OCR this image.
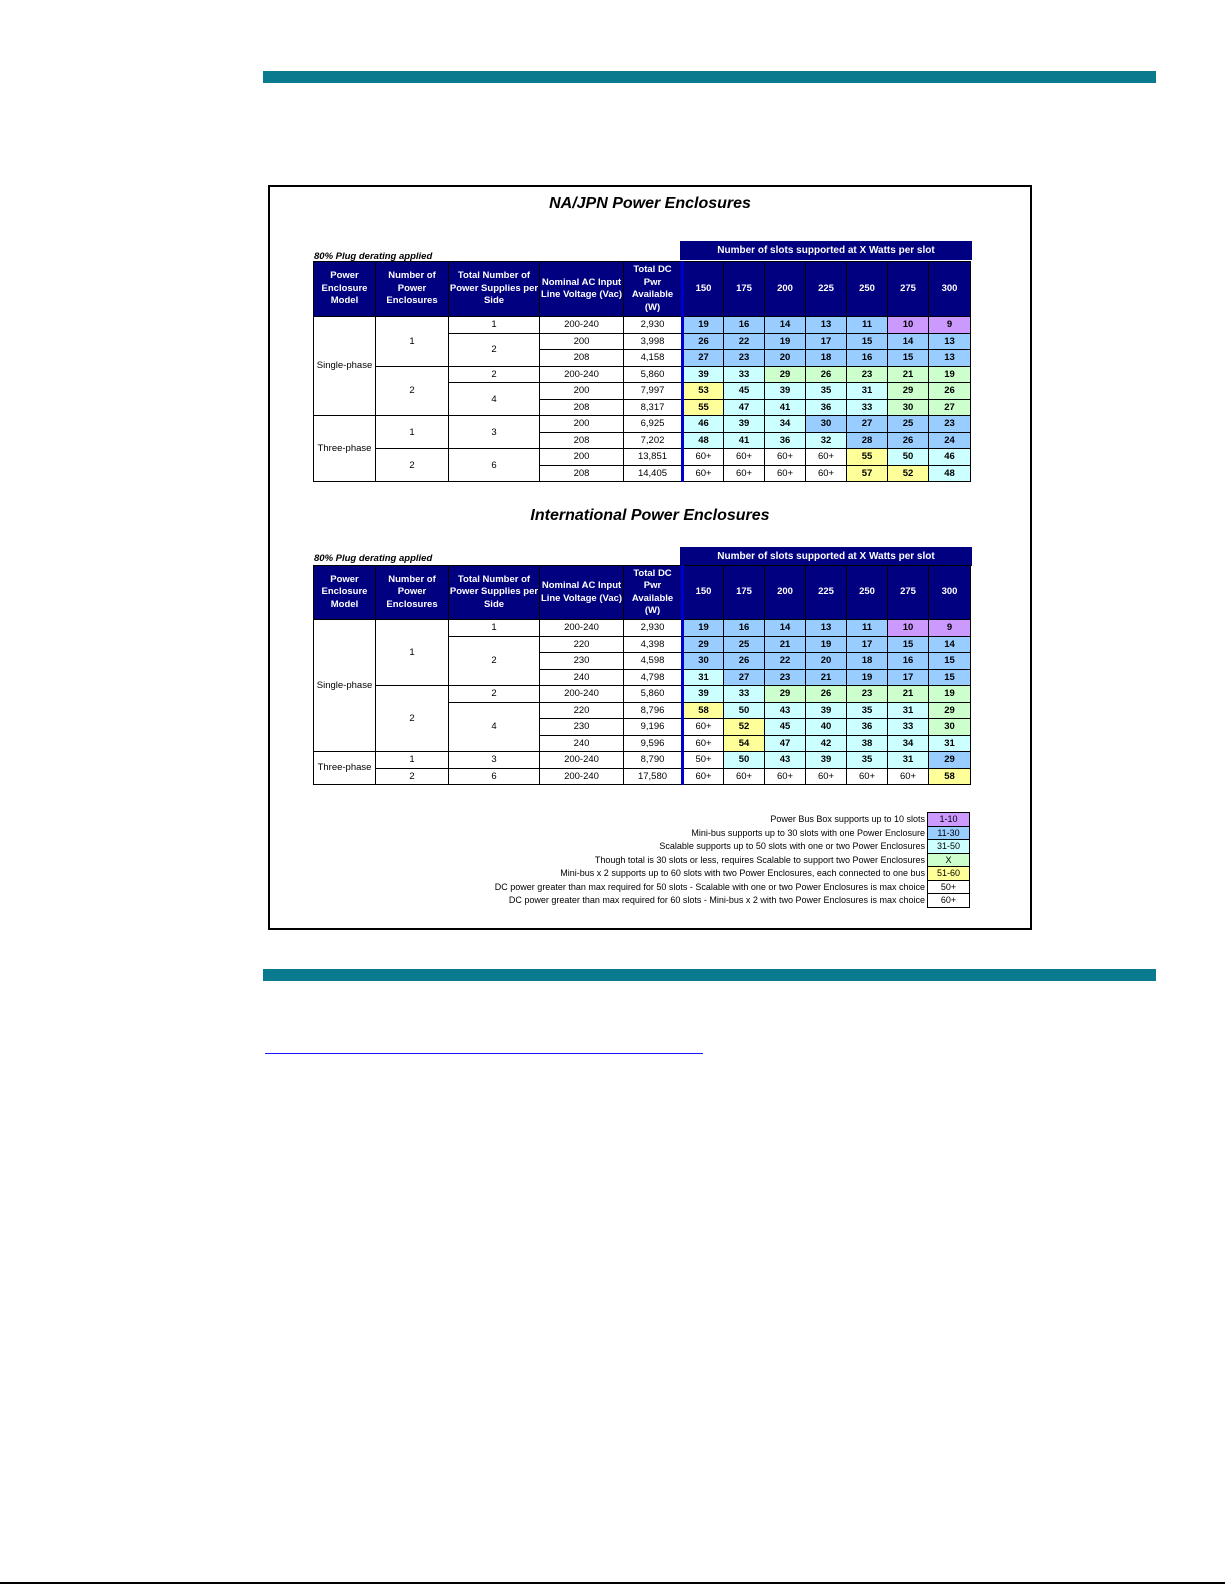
NA/JPN Power Enclosures
80% Plug derating applied
Number of slots supported at X Watts per slot
Power Enclosure Model	Number of Power Enclosures	Total Number of Power Supplies per Side	Nominal AC Input Line Voltage (Vac)	Total DC Pwr Available (W)	150	175	200	225	250	275	300
Single-phase	1	1	200-240	2,930	19	16	14	13	11	10	9
		2	200	3,998	26	22	19	17	15	14	13
			208	4,158	27	23	20	18	16	15	13
	2	2	200-240	5,860	39	33	29	26	23	21	19
		4	200	7,997	53	45	39	35	31	29	26
			208	8,317	55	47	41	36	33	30	27
Three-phase	1	3	200	6,925	46	39	34	30	27	25	23
			208	7,202	48	41	36	32	28	26	24
	2	6	200	13,851	60+	60+	60+	60+	55	50	46
			208	14,405	60+	60+	60+	60+	57	52	48
International Power Enclosures
80% Plug derating applied	Number of slots supported at X Watts per slot
Power Enclosure Model	Number of Power Enclosures	Total Number of Power Supplies per Side	Nominal AC Input Line Voltage (Vac)	Total DC Pwr Available (W)	150	175	200	225	250	275	300
Single-phase	1	1	200-240	2,930	19	16	14	13	11	10	9
		2	220	4,398	29	25	21	19	17	15	14
			230	4,598	30	26	22	20	18	16	15
			240	4,798	31	27	23	21	19	17	15
	2	2	200-240	5,860	39	33	29	26	23	21	19
		4	220	8,796	58	50	43	39	35	31	29
			230	9,196	60+	52	45	40	36	33	30
			240	9,596	60+	54	47	42	38	34	31
Three-phase	1	3	200-240	8,790	50+	50	43	39	35	31	29
	2	6	200-240	17,580	60+	60+	60+	60+	60+	60+	58
Power Bus Box supports up to 10 slots	1-10
Mini-bus supports up to 30 slots with one Power Enclosure	11-30
Scalable supports up to 50 slots with one or two Power Enclosures	31-50
Though total is 30 slots or less, requires Scalable to support two Power Enclosures	X
Mini-bus x 2 supports up to 60 slots with two Power Enclosures, each connected to one bus	51-60
DC power greater than max required for 50 slots - Scalable with one or two Power Enclosures is max choice	50+
DC power greater than max required for 60 slots - Mini-bus x 2 with two Power Enclosures is max choice	60+
